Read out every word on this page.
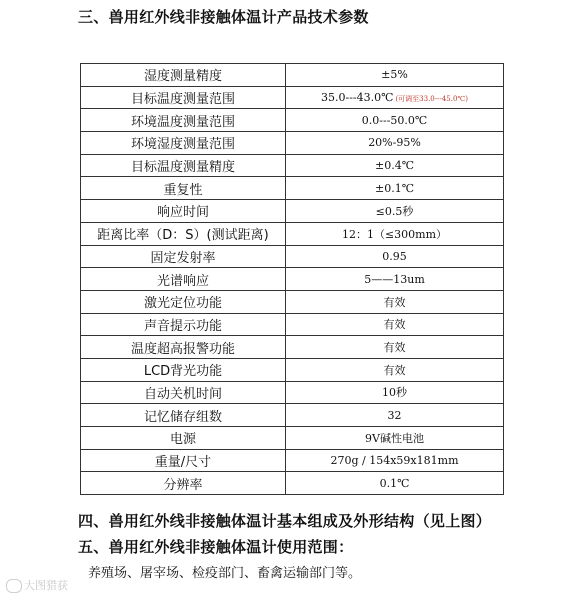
三、兽用红外线非接触体温计产品技术参数
湿度测量精度	±5%
目标温度测量范围	35.0---43.0℃ (可调至33.0---45.0℃)
环境温度测量范围	0.0---50.0℃
环境湿度测量范围	20%-95%
目标温度测量精度	±0.4℃
重复性	±0.1℃
响应时间	≤0.5秒
距离比率（D：S）(测试距离)	12：1（≤300mm）
固定发射率	0.95
光谱响应	5——13um
激光定位功能	有效
声音提示功能	有效
温度超高报警功能	有效
LCD背光功能	有效
自动关机时间	10秒
记忆储存组数	32
电源	9V碱性电池
重量/尺寸	270g / 154x59x181mm
分辨率	0.1℃
四、兽用红外线非接触体温计基本组成及外形结构（见上图）
五、兽用红外线非接触体温计使用范围：
养殖场、屠宰场、检疫部门、畜禽运输部门等。
大图猎获
